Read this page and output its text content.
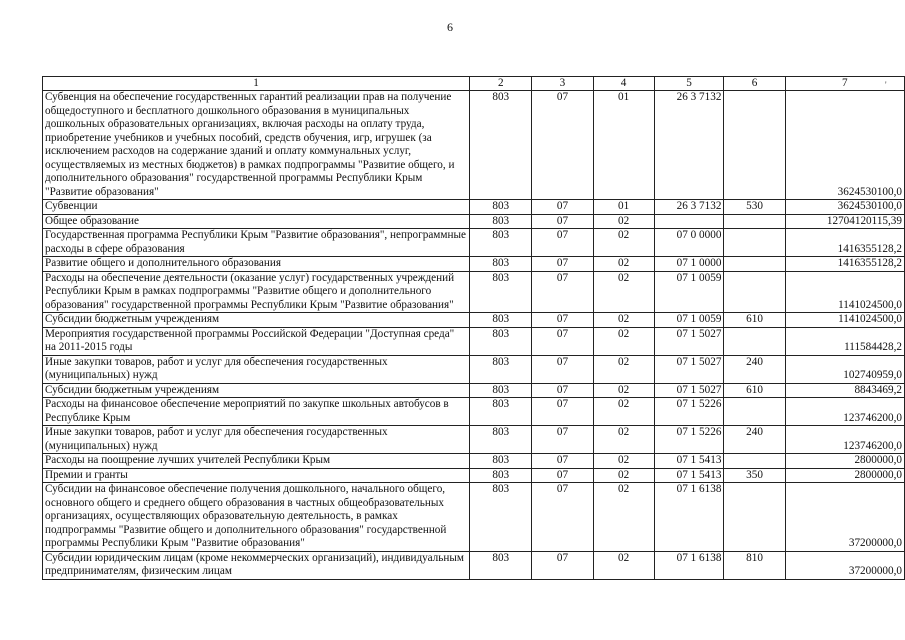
6
1	2	3	4	5	6	7
Субвенция на обеспечение государственных гарантий реализации прав на получение общедоступного и бесплатного дошкольного образования в муниципальных дошкольных образовательных организациях, включая расходы на оплату труда, приобретение учебников и учебных пособий, средств обучения, игр, игрушек (за исключением расходов на содержание зданий и оплату коммунальных услуг, осуществляемых из местных бюджетов) в рамках подпрограммы "Развитие общего, и дополнительного образования" государственной программы Республики Крым "Развитие образования"	803	07	01	26 3 7132		3624530100,0
Субвенции	803	07	01	26 3 7132	530	3624530100,0
Общее образование	803	07	02			12704120115,39
Государственная программа Республики Крым "Развитие образования", непрограммные расходы в сфере образования	803	07	02	07 0 0000		1416355128,2
Развитие общего и дополнительного образования	803	07	02	07 1 0000		1416355128,2
Расходы на обеспечение деятельности (оказание услуг) государственных учреждений Республики Крым в рамках подпрограммы "Развитие общего и дополнительного образования" государственной программы Республики Крым "Развитие образования"	803	07	02	07 1 0059		1141024500,0
Субсидии бюджетным учреждениям	803	07	02	07 1 0059	610	1141024500,0
Мероприятия государственной программы Российской Федерации "Доступная среда" на 2011-2015 годы	803	07	02	07 1 5027		111584428,2
Иные закупки товаров, работ и услуг для обеспечения государственных (муниципальных) нужд	803	07	02	07 1 5027	240	102740959,0
Субсидии бюджетным учреждениям	803	07	02	07 1 5027	610	8843469,2
Расходы на финансовое обеспечение мероприятий по закупке школьных автобусов в Республике Крым	803	07	02	07 1 5226		123746200,0
Иные закупки товаров, работ и услуг для обеспечения государственных (муниципальных) нужд	803	07	02	07 1 5226	240	123746200,0
Расходы на поощрение лучших учителей Республики Крым	803	07	02	07 1 5413		2800000,0
Премии и гранты	803	07	02	07 1 5413	350	2800000,0
Субсидии на финансовое обеспечение получения дошкольного, начального общего, основного общего и среднего общего образования в частных общеобразовательных организациях, осуществляющих образовательную деятельность, в рамках подпрограммы "Развитие общего и дополнительного образования" государственной программы Республики Крым "Развитие образования"	803	07	02	07 1 6138		37200000,0
Субсидии юридическим лицам (кроме некоммерческих организаций), индивидуальным предпринимателям, физическим лицам	803	07	02	07 1 6138	810	37200000,0
'
